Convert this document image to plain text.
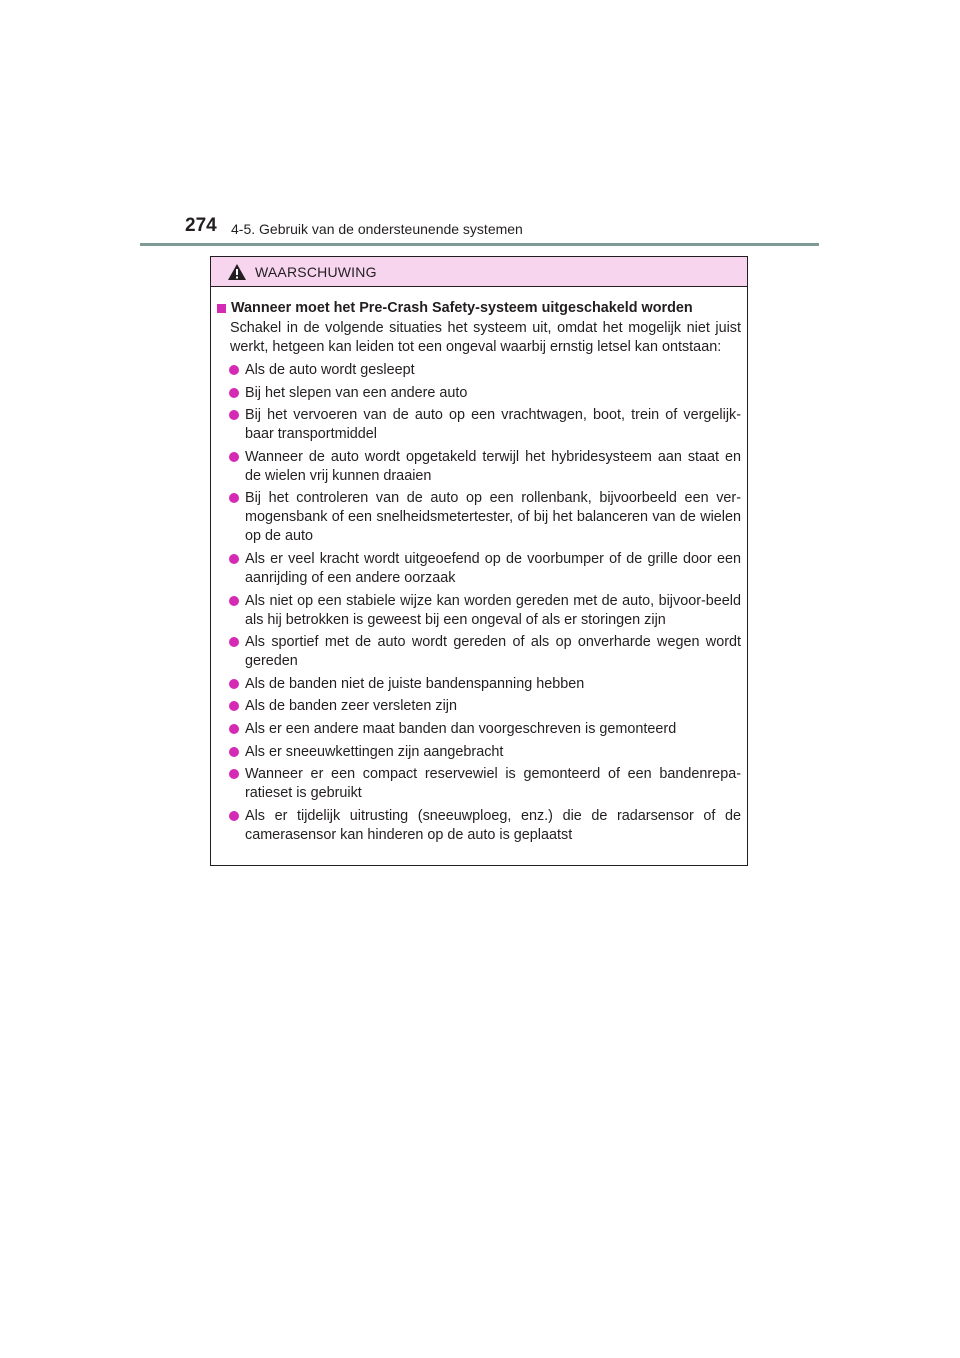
274 4-5. Gebruik van de ondersteunende systemen
WAARSCHUWING
Wanneer moet het Pre-Crash Safety-systeem uitgeschakeld worden
Schakel in de volgende situaties het systeem uit, omdat het mogelijk niet juist werkt, hetgeen kan leiden tot een ongeval waarbij ernstig letsel kan ontstaan:
Als de auto wordt gesleept
Bij het slepen van een andere auto
Bij het vervoeren van de auto op een vrachtwagen, boot, trein of vergelijk-baar transportmiddel
Wanneer de auto wordt opgetakeld terwijl het hybridesysteem aan staat en de wielen vrij kunnen draaien
Bij het controleren van de auto op een rollenbank, bijvoorbeeld een ver-mogensbank of een snelheidsmetertester, of bij het balanceren van de wielen op de auto
Als er veel kracht wordt uitgeoefend op de voorbumper of de grille door een aanrijding of een andere oorzaak
Als niet op een stabiele wijze kan worden gereden met de auto, bijvoor-beeld als hij betrokken is geweest bij een ongeval of als er storingen zijn
Als sportief met de auto wordt gereden of als op onverharde wegen wordt gereden
Als de banden niet de juiste bandenspanning hebben
Als de banden zeer versleten zijn
Als er een andere maat banden dan voorgeschreven is gemonteerd
Als er sneeuwkettingen zijn aangebracht
Wanneer er een compact reservewiel is gemonteerd of een bandenrepa-ratieset is gebruikt
Als er tijdelijk uitrusting (sneeuwploeg, enz.) die de radarsensor of de camerasensor kan hinderen op de auto is geplaatst
